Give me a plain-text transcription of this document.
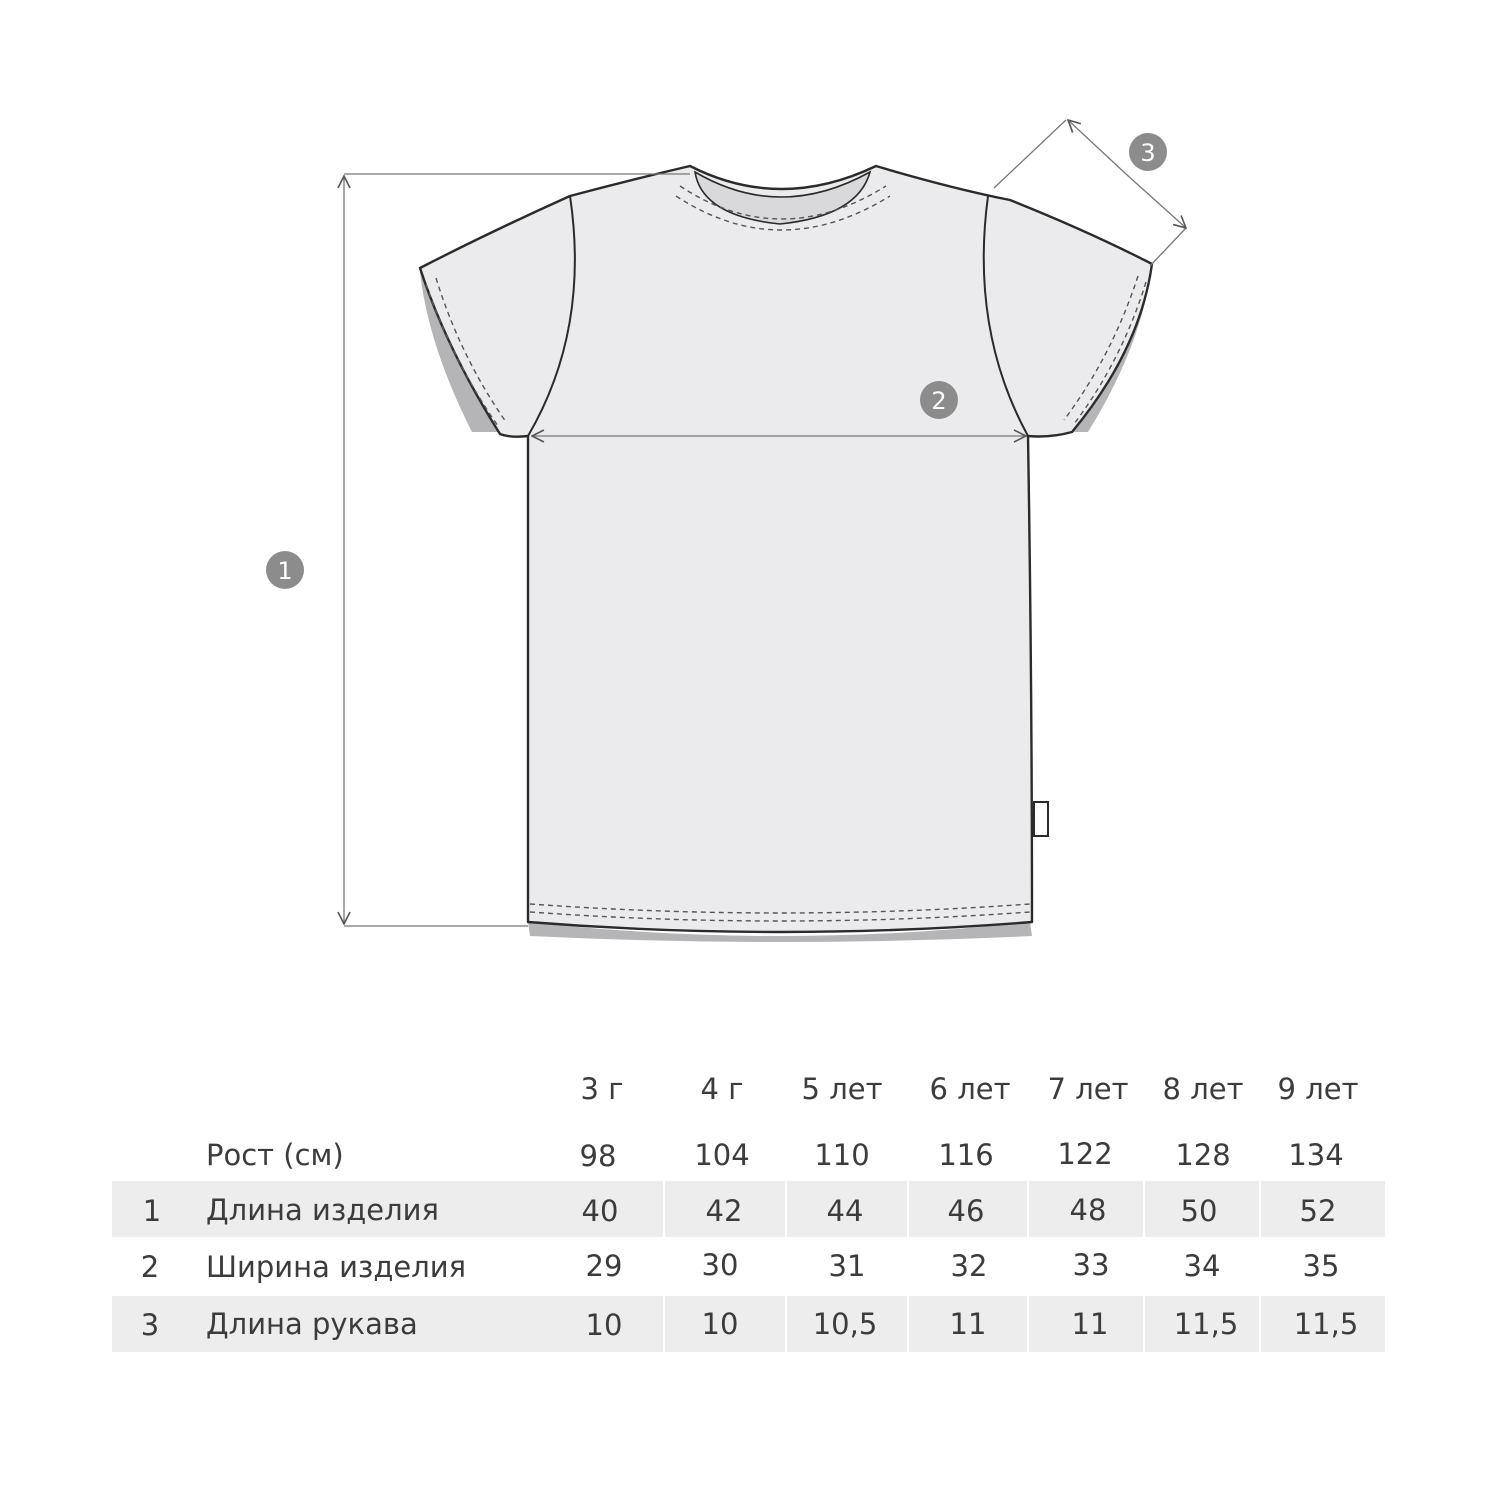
1
2
3
3 г	4 г 5 лет 6 лет 7 лет 8 лет 9 лет
Рост (см)	98	104 110 116 122 128 134
1 Длина изделия	40	42	44	46	48	50	52
2 Ширина изделия	29	30	31	32	33	34	35
3 Длина рукава	10	10	10,5 11	11 11,5 11,5
